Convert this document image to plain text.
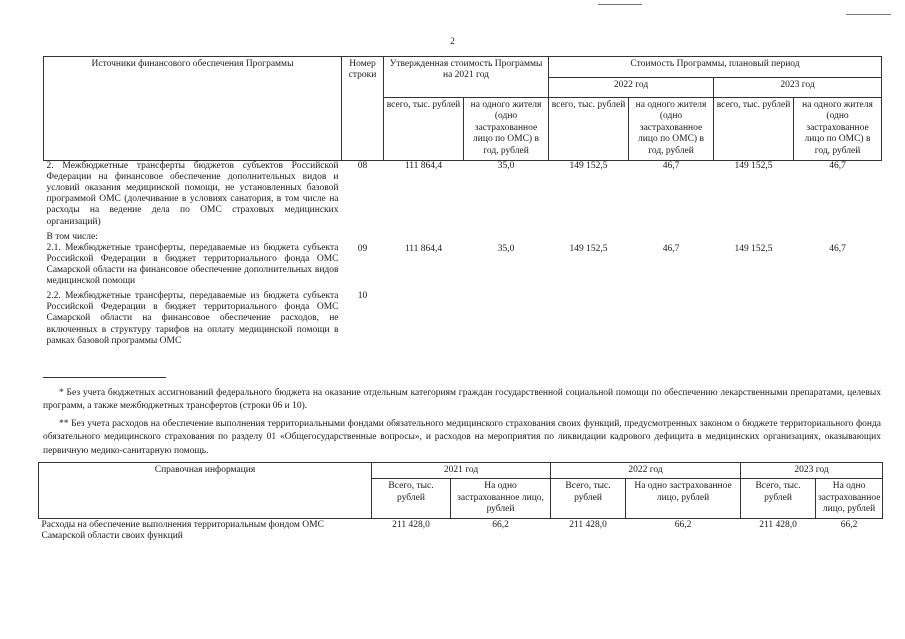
2
Источники финансового обеспечения Программы	Номер строки	Утвержденная стоимость Программы на 2021 год		Стоимость Программы, плановый период			
				2022 год		2023 год	
		всего, тыс. рублей	на одного жителя (одно застрахованное лицо по ОМС) в год, рублей	всего, тыс. рублей	на одного жителя (одно застрахованное лицо по ОМС) в год, рублей	всего, тыс. рублей	на одного жителя (одно застрахованное лицо по ОМС) в год, рублей
2. Межбюджетные трансферты бюджетов субъектов Российской Федерации на финансовое обеспечение дополнительных видов и условий оказания медицинской помощи, не установленных базовой программой ОМС (долечивание в условиях санатория, в том числе на расходы на ведение дела по ОМС страховых медицинских организаций)	08	111 864,4	35,0	149 152,5	46,7	149 152,5	46,7

В том числе:
2.1. Межбюджетные трансферты, передаваемые из бюджета субъекта Российской Федерации в бюджет территориального фонда ОМС Самарской области на финансовое обеспечение дополнительных видов медицинской помощи	09	111 864,4	35,0	149 152,5	46,7	149 152,5	46,7

2.2. Межбюджетные трансферты, передаваемые из бюджета субъекта Российской Федерации в бюджет территориального фонда ОМС Самарской области на финансовое обеспечение расходов, не включенных в структуру тарифов на оплату медицинской помощи в рамках базовой программы ОМС	10						
* Без учета бюджетных ассигнований федерального бюджета на оказание отдельным категориям граждан государственной социальной помощи по обеспечению лекарственными препаратами, целевых программ, а также межбюджетных трансфертов (строки 06 и 10).
** Без учета расходов на обеспечение выполнения территориальными фондами обязательного медицинского страхования своих функций, предусмотренных законом о бюджете территориального фонда обязательного медицинского страхования по разделу 01 «Общегосударственные вопросы», и расходов на мероприятия по ликвидации кадрового дефицита в медицинских организациях, оказывающих первичную медико-санитарную помощь.
Справочная информация	2021 год		2022 год		2023 год	
	Всего, тыс. рублей	На одно застрахованное лицо, рублей	Всего, тыс. рублей	На одно застрахованное лицо, рублей	Всего, тыс. рублей	На одно застрахованное лицо, рублей
Расходы на обеспечение выполнения территориальным фондом ОМС Самарской области своих функций	211 428,0	66,2	211 428,0	66,2	211 428,0	66,2
